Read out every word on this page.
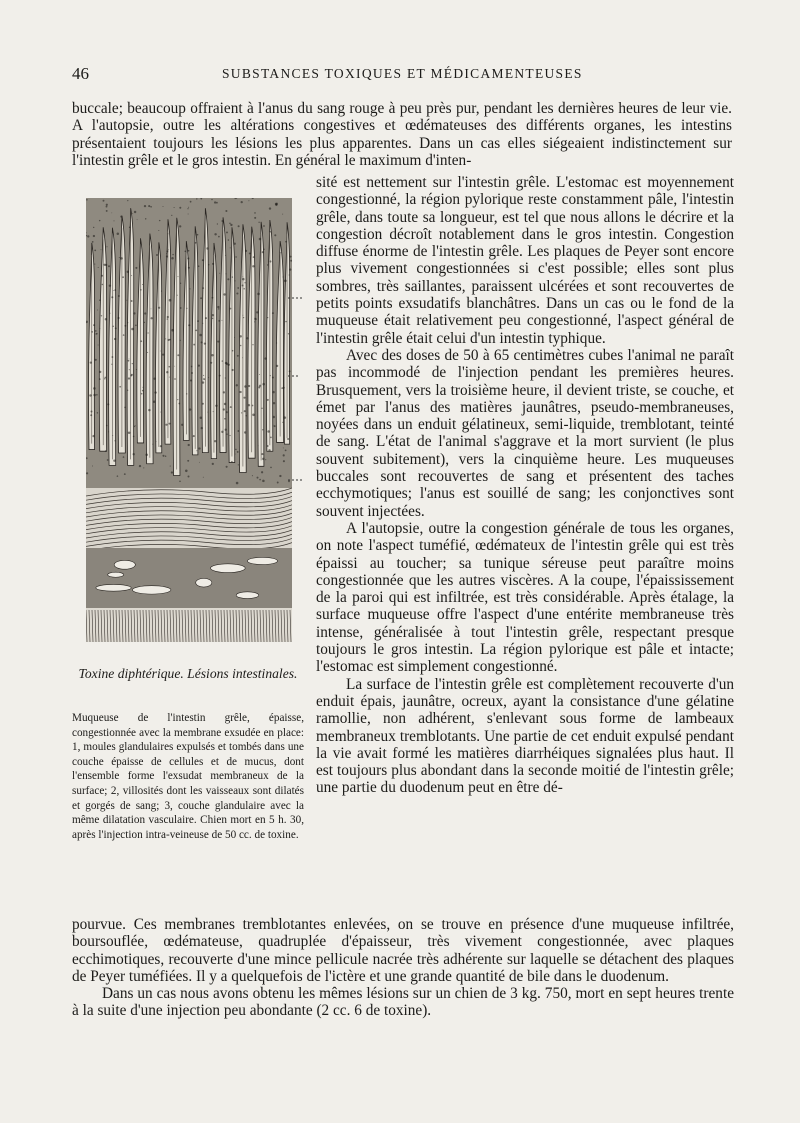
46	SUBSTANCES TOXIQUES ET MÉDICAMENTEUSES

buccale; beaucoup offraient à l'anus du sang rouge à peu près pur, pendant les dernières heures de leur vie. A l'autopsie, outre les altérations congestives et œdémateuses des différents organes, les intestins présentaient toujours les lésions les plus apparentes. Dans un cas elles siégeaient indistinctement sur l'intestin grêle et le gros intestin. En général le maximum d'inten-

sité est nettement sur l'intestin grêle. L'estomac est moyennement congestionné, la région pylorique reste constamment pâle, l'intestin grêle, dans toute sa longueur, est tel que nous allons le décrire et la congestion décroît notablement dans le gros intestin. Congestion diffuse énorme de l'intestin grêle. Les plaques de Peyer sont encore plus vivement congestionnées si c'est possible; elles sont plus sombres, très saillantes, paraissent ulcérées et sont recouvertes de petits points exsudatifs blanchâtres. Dans un cas ou le fond de la muqueuse était relativement peu congestionné, l'aspect général de l'intestin grêle était celui d'un intestin typhique.

Avec des doses de 50 à 65 centimètres cubes l'animal ne paraît pas incommodé de l'injection pendant les premières heures. Brusquement, vers la troisième heure, il devient triste, se couche, et émet par l'anus des matières jaunâtres, pseudo-membraneuses, noyées dans un enduit gélatineux, semi-liquide, tremblotant, teinté de sang. L'état de l'animal s'aggrave et la mort survient (le plus souvent subitement), vers la cinquième heure. Les muqueuses buccales sont recouvertes de sang et présentent des taches ecchymotiques; l'anus est souillé de sang; les conjonctives sont souvent injectées.

A l'autopsie, outre la congestion générale de tous les organes, on note l'aspect tuméfié, œdémateux de l'intestin grêle qui est très épaissi au toucher; sa tunique séreuse peut paraître moins congestionnée que les autres viscères. A la coupe, l'épaississement de la paroi qui est infiltrée, est très considérable. Après étalage, la surface muqueuse offre l'aspect d'une entérite membraneuse très intense, généralisée à tout l'intestin grêle, respectant presque toujours le gros intestin. La région pylorique est pâle et intacte; l'estomac est simplement congestionné.

La surface de l'intestin grêle est complètement recouverte d'un enduit épais, jaunâtre, ocreux, ayant la consistance d'une gélatine ramollie, non adhérent, s'enlevant sous forme de lambeaux membraneux tremblotants. Une partie de cet enduit expulsé pendant la vie avait formé les matières diarrhéiques signalées plus haut. Il est toujours plus abondant dans la seconde moitié de l'intestin grêle; une partie du duodenum peut en être dé-

Toxine diphtérique. Lésions intestinales.
Muqueuse de l'intestin grêle, épaisse, congestionnée avec la membrane exsudée en place: 1, moules glandulaires expulsés et tombés dans une couche épaisse de cellules et de mucus, dont l'ensemble forme l'exsudat membraneux de la surface; 2, villosités dont les vaisseaux sont dilatés et gorgés de sang; 3, couche glandulaire avec la même dilatation vasculaire. Chien mort en 5 h. 30, après l'injection intra-veineuse de 50 cc. de toxine.

pourvue. Ces membranes tremblotantes enlevées, on se trouve en présence d'une muqueuse infiltrée, boursouflée, œdémateuse, quadruplée d'épaisseur, très vivement congestionnée, avec plaques ecchimotiques, recouverte d'une mince pellicule nacrée très adhérente sur laquelle se détachent des plaques de Peyer tuméfiées. Il y a quelquefois de l'ictère et une grande quantité de bile dans le duodenum.

Dans un cas nous avons obtenu les mêmes lésions sur un chien de 3 kg. 750, mort en sept heures trente à la suite d'une injection peu abondante (2 cc. 6 de toxine).
